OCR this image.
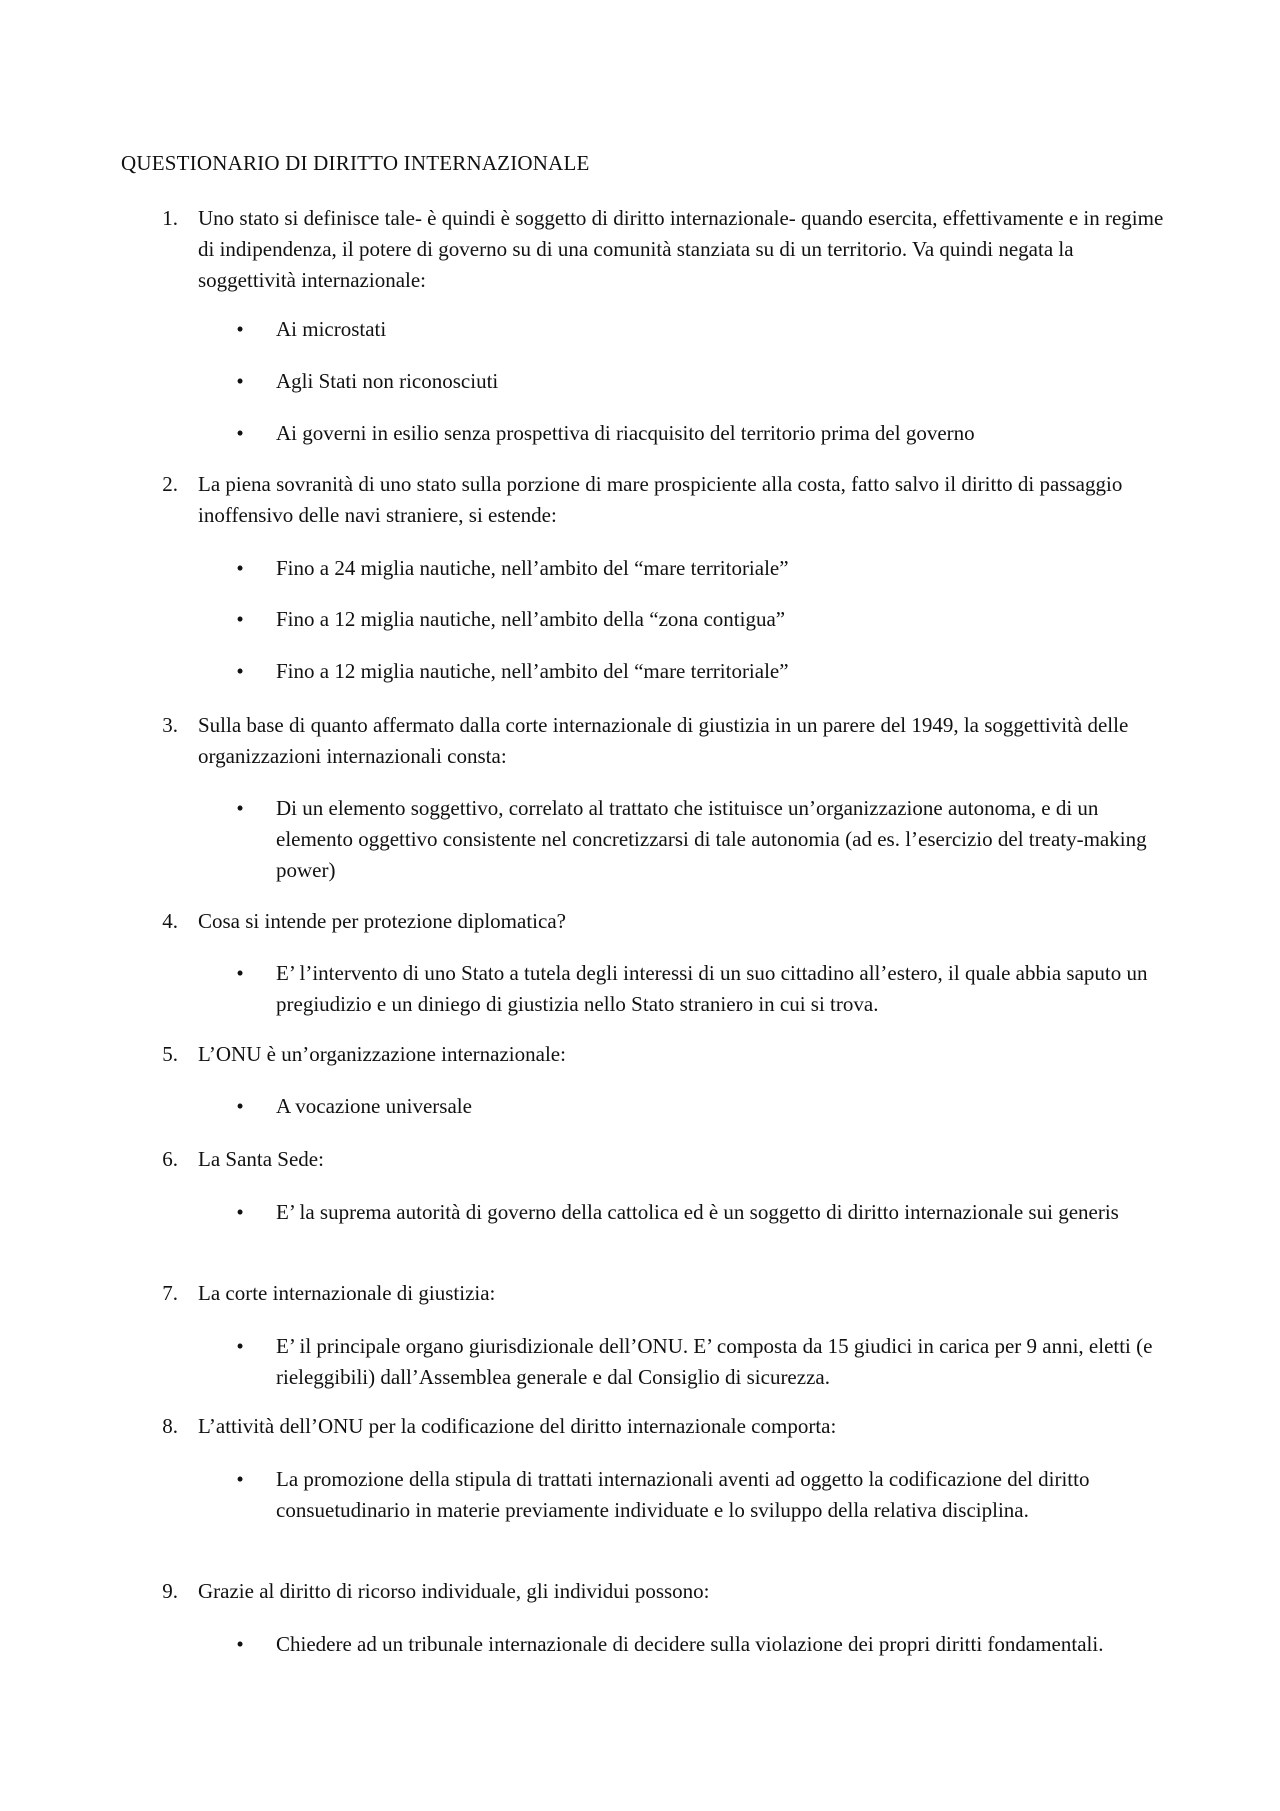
QUESTIONARIO DI DIRITTO INTERNAZIONALE
1. Uno stato si definisce tale- è quindi è soggetto di diritto internazionale- quando esercita, effettivamente e in regime di indipendenza, il potere di governo su di una comunità stanziata su di un territorio. Va quindi negata la soggettività internazionale:
• Ai microstati
• Agli Stati non riconosciuti
• Ai governi in esilio senza prospettiva di riacquisito del territorio prima del governo
2. La piena sovranità di uno stato sulla porzione di mare prospiciente alla costa, fatto salvo il diritto di passaggio inoffensivo delle navi straniere, si estende:
• Fino a 24 miglia nautiche, nell’ambito del “mare territoriale”
• Fino a 12 miglia nautiche, nell’ambito della “zona contigua”
• Fino a 12 miglia nautiche, nell’ambito del “mare territoriale”
3. Sulla base di quanto affermato dalla corte internazionale di giustizia in un parere del 1949, la soggettività delle organizzazioni internazionali consta:
• Di un elemento soggettivo, correlato al trattato che istituisce un’organizzazione autonoma, e di un elemento oggettivo consistente nel concretizzarsi di tale autonomia (ad es. l’esercizio del treaty-making power)
4. Cosa si intende per protezione diplomatica?
• E’ l’intervento di uno Stato a tutela degli interessi di un suo cittadino all’estero, il quale abbia saputo un pregiudizio e un diniego di giustizia nello Stato straniero in cui si trova.
5. L’ONU è un’organizzazione internazionale:
• A vocazione universale
6. La Santa Sede:
• E’ la suprema autorità di governo della cattolica ed è un soggetto di diritto internazionale sui generis
7. La corte internazionale di giustizia:
• E’ il principale organo giurisdizionale dell’ONU. E’ composta da 15 giudici in carica per 9 anni, eletti (e rieleggibili) dall’Assemblea generale e dal Consiglio di sicurezza.
8. L’attività dell’ONU per la codificazione del diritto internazionale comporta:
• La promozione della stipula di trattati internazionali aventi ad oggetto la codificazione del diritto consuetudinario in materie previamente individuate e lo sviluppo della relativa disciplina.
9. Grazie al diritto di ricorso individuale, gli individui possono:
• Chiedere ad un tribunale internazionale di decidere sulla violazione dei propri diritti fondamentali.
